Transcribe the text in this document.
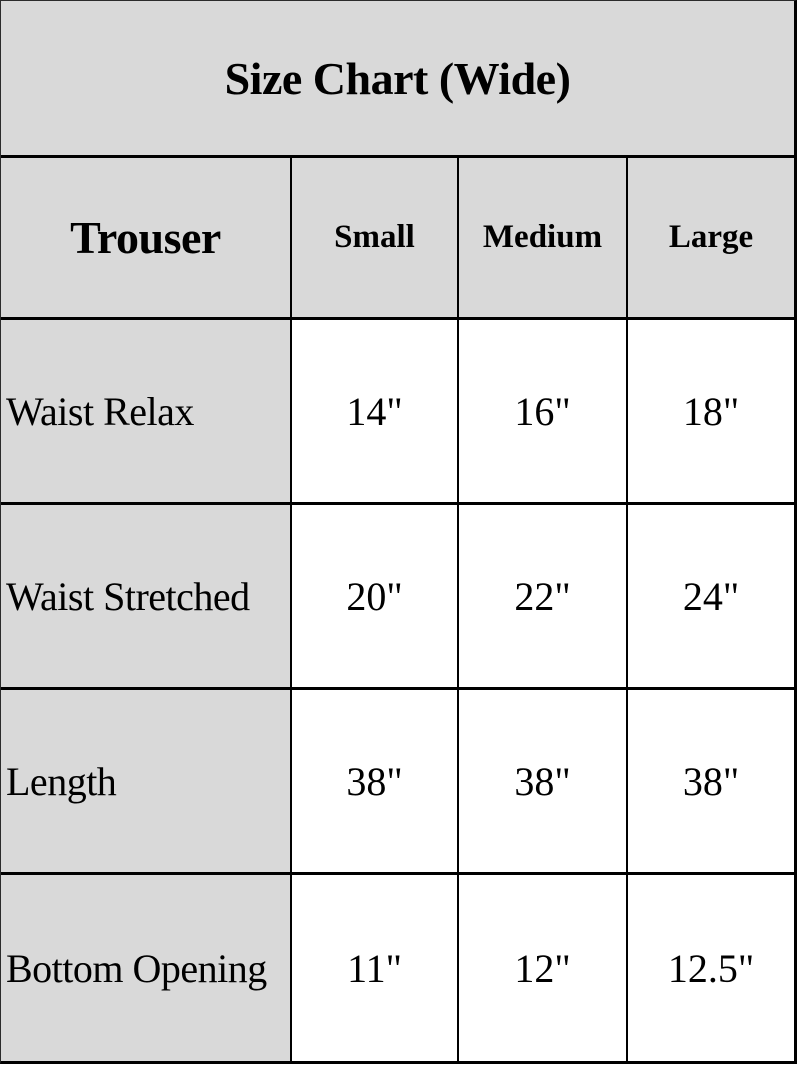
Size Chart (Wide)
Trouser	Small	Medium	Large
Waist Relax	14"	16"	18"
Waist Stretched	20"	22"	24"
Length	38"	38"	38"
Bottom Opening	11"	12"	12.5"
